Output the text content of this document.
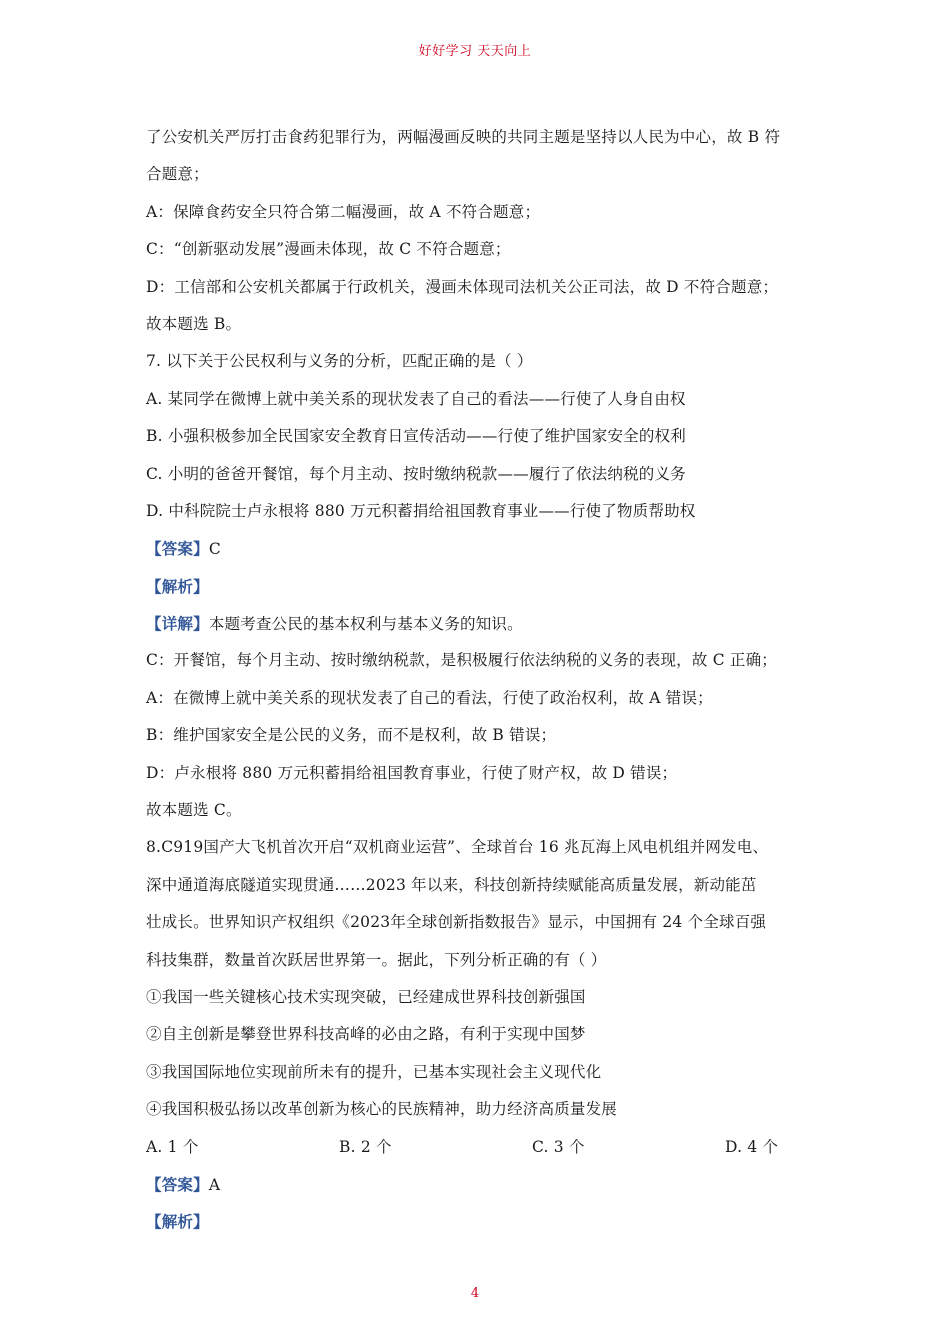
好好学习 天天向上
了公安机关严厉打击食药犯罪行为，两幅漫画反映的共同主题是坚持以人民为中心，故 B 符
合题意；
A：保障食药安全只符合第二幅漫画，故 A 不符合题意；
C：“创新驱动发展”漫画未体现，故 C 不符合题意；
D：工信部和公安机关都属于行政机关，漫画未体现司法机关公正司法，故 D 不符合题意；
故本题选 B。
7. 以下关于公民权利与义务的分析，匹配正确的是（ ）
A. 某同学在微博上就中美关系的现状发表了自己的看法——行使了人身自由权
B. 小强积极参加全民国家安全教育日宣传活动——行使了维护国家安全的权利
C. 小明的爸爸开餐馆，每个月主动、按时缴纳税款——履行了依法纳税的义务
D. 中科院院士卢永根将 880 万元积蓄捐给祖国教育事业——行使了物质帮助权
【答案】C
【解析】
【详解】本题考查公民的基本权利与基本义务的知识。
C：开餐馆，每个月主动、按时缴纳税款，是积极履行依法纳税的义务的表现，故 C 正确；
A：在微博上就中美关系的现状发表了自己的看法，行使了政治权利，故 A 错误；
B：维护国家安全是公民的义务，而不是权利，故 B 错误；
D：卢永根将 880 万元积蓄捐给祖国教育事业，行使了财产权，故 D 错误；
故本题选 C。
8.C919国产大飞机首次开启“双机商业运营”、全球首台 16 兆瓦海上风电机组并网发电、
深中通道海底隧道实现贯通……2023 年以来，科技创新持续赋能高质量发展，新动能茁
壮成长。世界知识产权组织《2023年全球创新指数报告》显示，中国拥有 24 个全球百强
科技集群，数量首次跃居世界第一。据此，下列分析正确的有（ ）
①我国一些关键核心技术实现突破，已经建成世界科技创新强国
②自主创新是攀登世界科技高峰的必由之路，有利于实现中国梦
③我国国际地位实现前所未有的提升，已基本实现社会主义现代化
④我国积极弘扬以改革创新为核心的民族精神，助力经济高质量发展
A. 1 个	B. 2 个	C. 3 个	D. 4 个
【答案】A
【解析】
4
